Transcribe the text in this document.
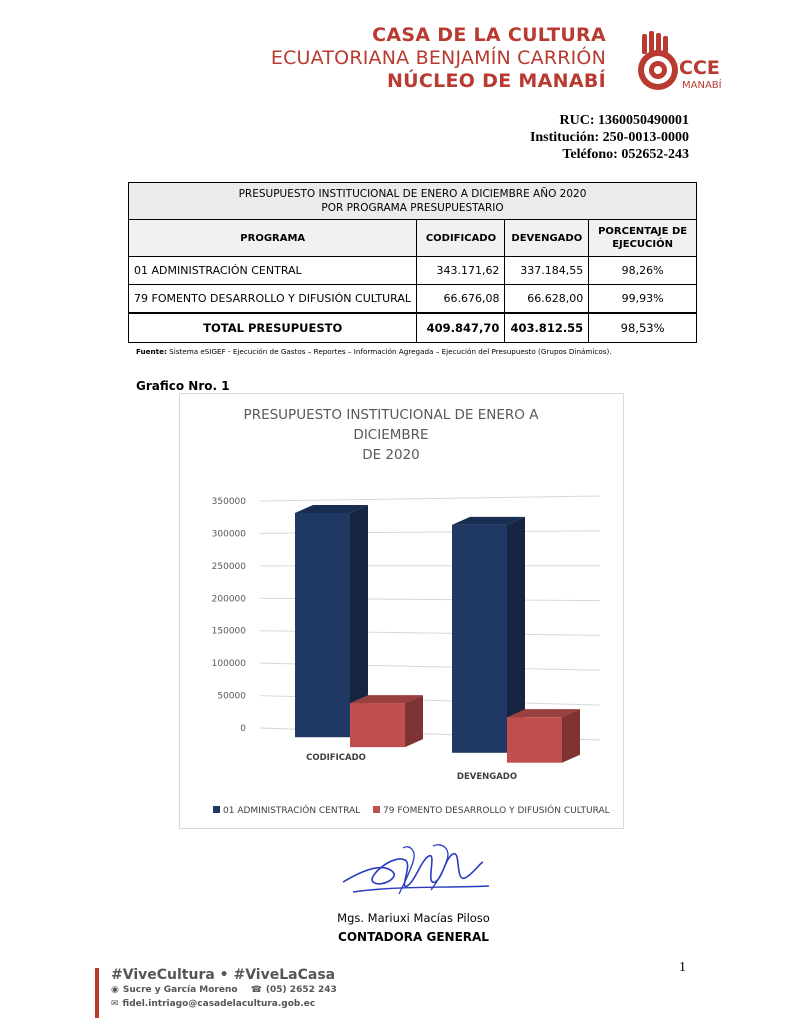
CASA DE LA CULTURA
ECUATORIANA BENJAMÍN CARRIÓN
NÚCLEO DE MANABÍ
CCE
MANABÍ
RUC: 1360050490001
Institución: 250-0013-0000
Teléfono: 052652-243
PRESUPUESTO INSTITUCIONAL DE ENERO A DICIEMBRE AÑO 2020
POR PROGRAMA PRESUPUESTARIO			

PROGRAMA	CODIFICADO	DEVENGADO	PORCENTAJE DE EJECUCIÓN
01 ADMINISTRACIÓN CENTRAL	343.171,62	337.184,55	98,26%
79 FOMENTO DESARROLLO Y DIFUSIÓN CULTURAL	66.676,08	66.628,00	99,93%
TOTAL PRESUPUESTO	409.847,70	403.812.55	98,53%
Fuente: Sistema eSIGEF - Ejecución de Gastos – Reportes – Información Agregada – Ejecución del Presupuesto (Grupos Dinámicos).
Grafico Nro. 1
PRESUPUESTO INSTITUCIONAL DE ENERO A
DICIEMBRE
DE 2020
350000
300000
250000
200000
150000
100000
50000
0
CODIFICADO
DEVENGADO
01 ADMINISTRACIÓN CENTRAL	79 FOMENTO DESARROLLO Y DIFUSIÓN CULTURAL
Mgs. Mariuxi Macías Piloso
CONTADORA GENERAL
#ViveCultura • #ViveLaCasa
◉ Sucre y García Moreno ☎ (05) 2652 243
✉ fidel.intriago@casadelacultura.gob.ec
1
